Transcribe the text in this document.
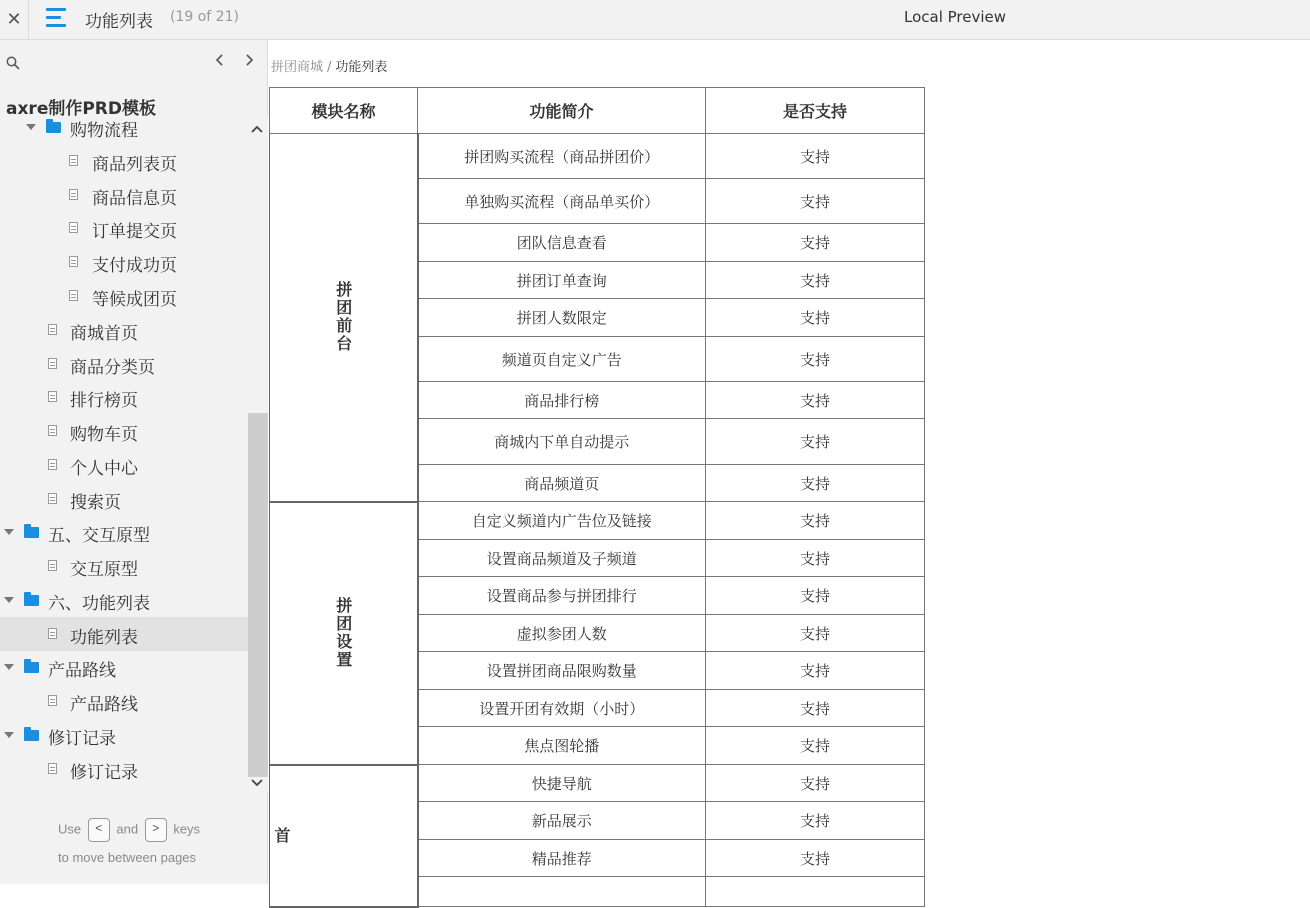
✕	功能列表 (19 of 21)	Local Preview
axre制作PRD模板
购物流程
商品列表页
商品信息页
订单提交页
支付成功页
等候成团页
商城首页
商品分类页
排行榜页
购物车页
个人中心
搜索页
五、交互原型
交互原型
六、功能列表
功能列表
产品路线
产品路线
修订记录
修订记录
Use < and > keys
to move between pages
拼团商城 / 功能列表
模块名称	功能简介	是否支持
拼团前台	拼团购买流程（商品拼团价）	支持
	单独购买流程（商品单买价）	支持
	团队信息查看	支持
	拼团订单查询	支持
	拼团人数限定	支持
	频道页自定义广告	支持
	商品排行榜	支持
	商城内下单自动提示	支持
	商品频道页	支持
拼团设置	自定义频道内广告位及链接	支持
	设置商品频道及子频道	支持
	设置商品参与拼团排行	支持
	虚拟参团人数	支持
	设置拼团商品限购数量	支持
	设置开团有效期（小时）	支持
	焦点图轮播	支持
首	快捷导航	支持
	新品展示	支持
	精品推荐	支持
